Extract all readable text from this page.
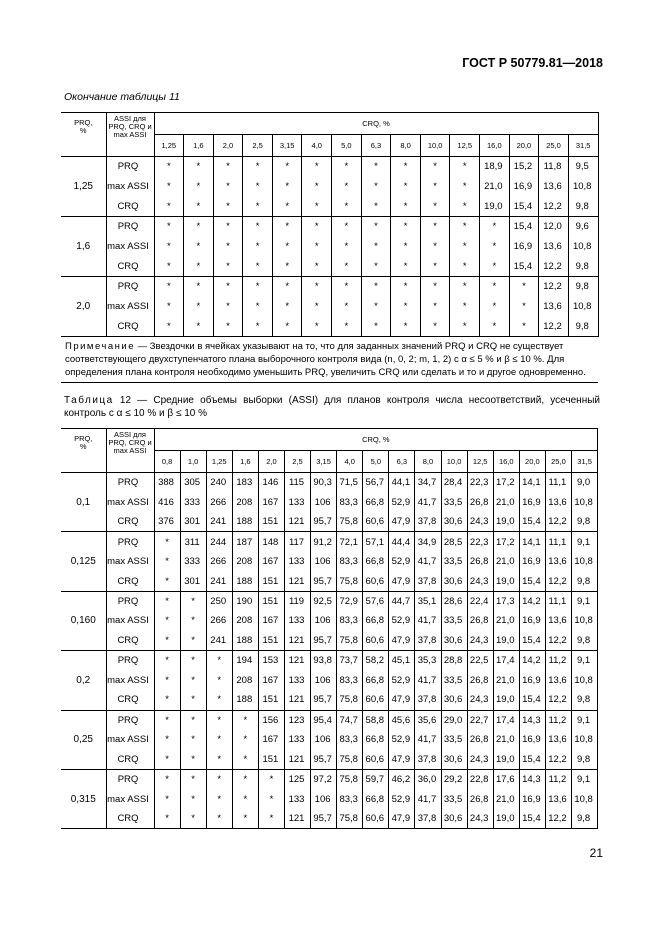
ГОСТ Р 50779.81—2018
Окончание таблицы 11
PRQ,
%	ASSI для PRQ, CRQ и max ASSI	CRQ, %														
		1,25	1,6	2,0	2,5	3,15	4,0	5,0	6,3	8,0	10,0	12,5	16,0	20,0	25,0	31,5
1,25	PRQ	*	*	*	*	*	*	*	*	*	*	*	18,9	15,2	11,8	9,5
	max ASSI	*	*	*	*	*	*	*	*	*	*	*	21,0	16,9	13,6	10,8
	CRQ	*	*	*	*	*	*	*	*	*	*	*	19,0	15,4	12,2	9,8
1,6	PRQ	*	*	*	*	*	*	*	*	*	*	*	*	15,4	12,0	9,6
	max ASSI	*	*	*	*	*	*	*	*	*	*	*	*	16,9	13,6	10,8
	CRQ	*	*	*	*	*	*	*	*	*	*	*	*	15,4	12,2	9,8
2,0	PRQ	*	*	*	*	*	*	*	*	*	*	*	*	*	12,2	9,8
	max ASSI	*	*	*	*	*	*	*	*	*	*	*	*	*	13,6	10,8
	CRQ	*	*	*	*	*	*	*	*	*	*	*	*	*	12,2	9,8
Примечание — Звездочки в ячейках указывают на то, что для заданных значений PRQ и CRQ не существует соответствующего двухступенчатого плана выборочного контроля вида (n, 0, 2; m, 1, 2) с α ≤ 5 % и β ≤ 10 %. Для определения плана контроля необходимо уменьшить PRQ, увеличить CRQ или сделать и то и другое одновременно.																
Таблица 12 — Средние объемы выборки (ASSI) для планов контроля числа несоответствий, усеченный контроль с α ≤ 10 % и β ≤ 10 %
PRQ,
%	ASSI для PRQ, CRQ и max ASSI	CRQ, %																
		0,8	1,0	1,25	1,6	2,0	2,5	3,15	4,0	5,0	6,3	8,0	10,0	12,5	16,0	20,0	25,0	31,5
0,1	PRQ	388	305	240	183	146	115	90,3	71,5	56,7	44,1	34,7	28,4	22,3	17,2	14,1	11,1	9,0
	max ASSI	416	333	266	208	167	133	106	83,3	66,8	52,9	41,7	33,5	26,8	21,0	16,9	13,6	10,8
	CRQ	376	301	241	188	151	121	95,7	75,8	60,6	47,9	37,8	30,6	24,3	19,0	15,4	12,2	9,8
0,125	PRQ	*	311	244	187	148	117	91,2	72,1	57,1	44,4	34,9	28,5	22,3	17,2	14,1	11,1	9,1
	max ASSI	*	333	266	208	167	133	106	83,3	66,8	52,9	41,7	33,5	26,8	21,0	16,9	13,6	10,8
	CRQ	*	301	241	188	151	121	95,7	75,8	60,6	47,9	37,8	30,6	24,3	19,0	15,4	12,2	9,8
0,160	PRQ	*	*	250	190	151	119	92,5	72,9	57,6	44,7	35,1	28,6	22,4	17,3	14,2	11,1	9,1
	max ASSI	*	*	266	208	167	133	106	83,3	66,8	52,9	41,7	33,5	26,8	21,0	16,9	13,6	10,8
	CRQ	*	*	241	188	151	121	95,7	75,8	60,6	47,9	37,8	30,6	24,3	19,0	15,4	12,2	9,8
0,2	PRQ	*	*	*	194	153	121	93,8	73,7	58,2	45,1	35,3	28,8	22,5	17,4	14,2	11,2	9,1
	max ASSI	*	*	*	208	167	133	106	83,3	66,8	52,9	41,7	33,5	26,8	21,0	16,9	13,6	10,8
	CRQ	*	*	*	188	151	121	95,7	75,8	60,6	47,9	37,8	30,6	24,3	19,0	15,4	12,2	9,8
0,25	PRQ	*	*	*	*	156	123	95,4	74,7	58,8	45,6	35,6	29,0	22,7	17,4	14,3	11,2	9,1
	max ASSI	*	*	*	*	167	133	106	83,3	66,8	52,9	41,7	33,5	26,8	21,0	16,9	13,6	10,8
	CRQ	*	*	*	*	151	121	95,7	75,8	60,6	47,9	37,8	30,6	24,3	19,0	15,4	12,2	9,8
0,315	PRQ	*	*	*	*	*	125	97,2	75,8	59,7	46,2	36,0	29,2	22,8	17,6	14,3	11,2	9,1
	max ASSI	*	*	*	*	*	133	106	83,3	66,8	52,9	41,7	33,5	26,8	21,0	16,9	13,6	10,8
	CRQ	*	*	*	*	*	121	95,7	75,8	60,6	47,9	37,8	30,6	24,3	19,0	15,4	12,2	9,8
21
